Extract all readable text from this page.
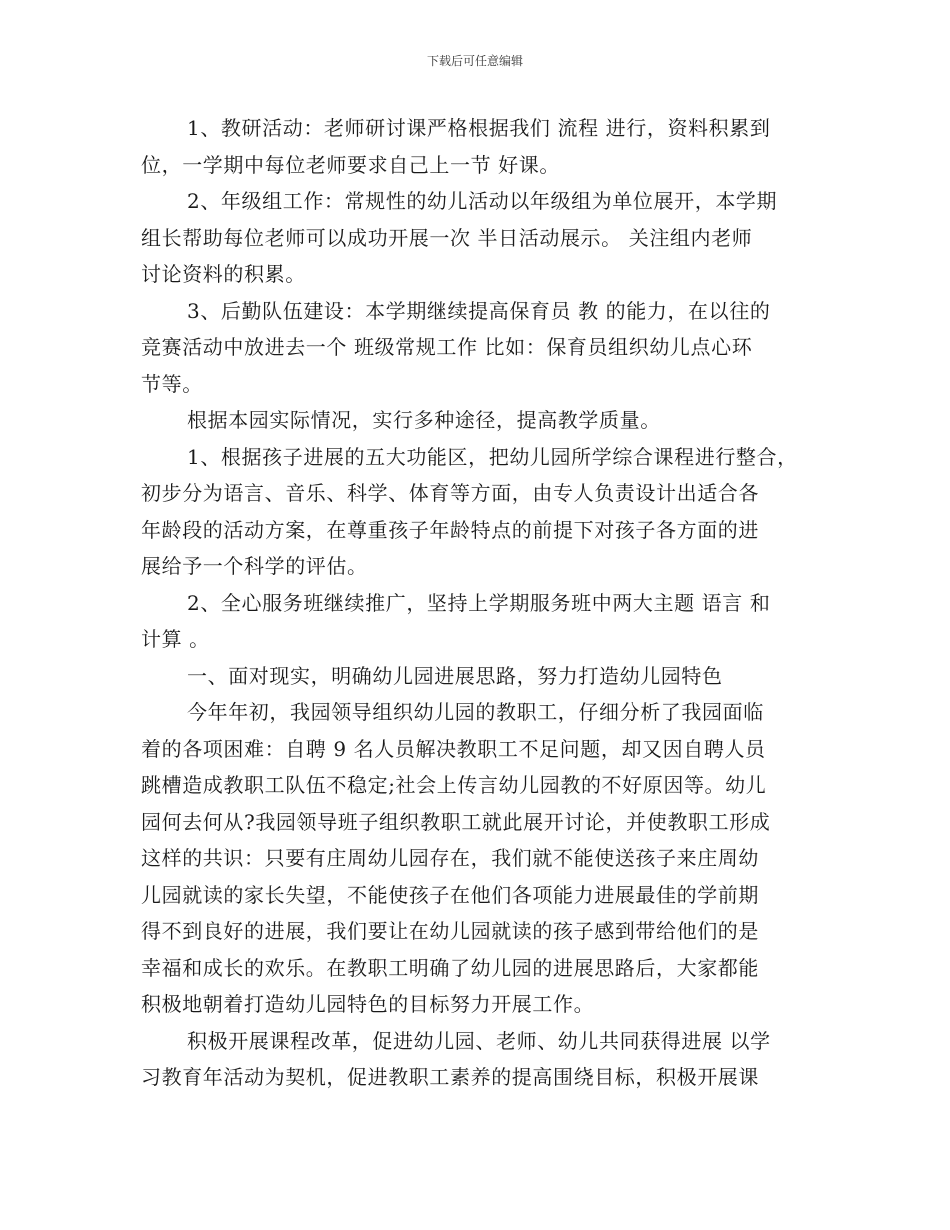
下载后可任意编辑
1、教研活动：老师研讨课严格根据我们 流程 进行，资料积累到
位，一学期中每位老师要求自己上一节 好课。
2、年级组工作：常规性的幼儿活动以年级组为单位展开，本学期
组长帮助每位老师可以成功开展一次 半日活动展示。 关注组内老师
讨论资料的积累。
3、后勤队伍建设：本学期继续提高保育员 教 的能力，在以往的
竞赛活动中放进去一个 班级常规工作 比如：保育员组织幼儿点心环
节等。
根据本园实际情况，实行多种途径，提高教学质量。
1、根据孩子进展的五大功能区，把幼儿园所学综合课程进行整合，
初步分为语言、音乐、科学、体育等方面，由专人负责设计出适合各
年龄段的活动方案，在尊重孩子年龄特点的前提下对孩子各方面的进
展给予一个科学的评估。
2、全心服务班继续推广，坚持上学期服务班中两大主题 语言 和
计算 。
一、面对现实，明确幼儿园进展思路，努力打造幼儿园特色
今年年初，我园领导组织幼儿园的教职工，仔细分析了我园面临
着的各项困难：自聘 9 名人员解决教职工不足问题，却又因自聘人员
跳槽造成教职工队伍不稳定;社会上传言幼儿园教的不好原因等。幼儿
园何去何从?我园领导班子组织教职工就此展开讨论，并使教职工形成
这样的共识：只要有庄周幼儿园存在，我们就不能使送孩子来庄周幼
儿园就读的家长失望，不能使孩子在他们各项能力进展最佳的学前期
得不到良好的进展，我们要让在幼儿园就读的孩子感到带给他们的是
幸福和成长的欢乐。在教职工明确了幼儿园的进展思路后，大家都能
积极地朝着打造幼儿园特色的目标努力开展工作。
积极开展课程改革，促进幼儿园、老师、幼儿共同获得进展 以学
习教育年活动为契机，促进教职工素养的提高围绕目标，积极开展课
